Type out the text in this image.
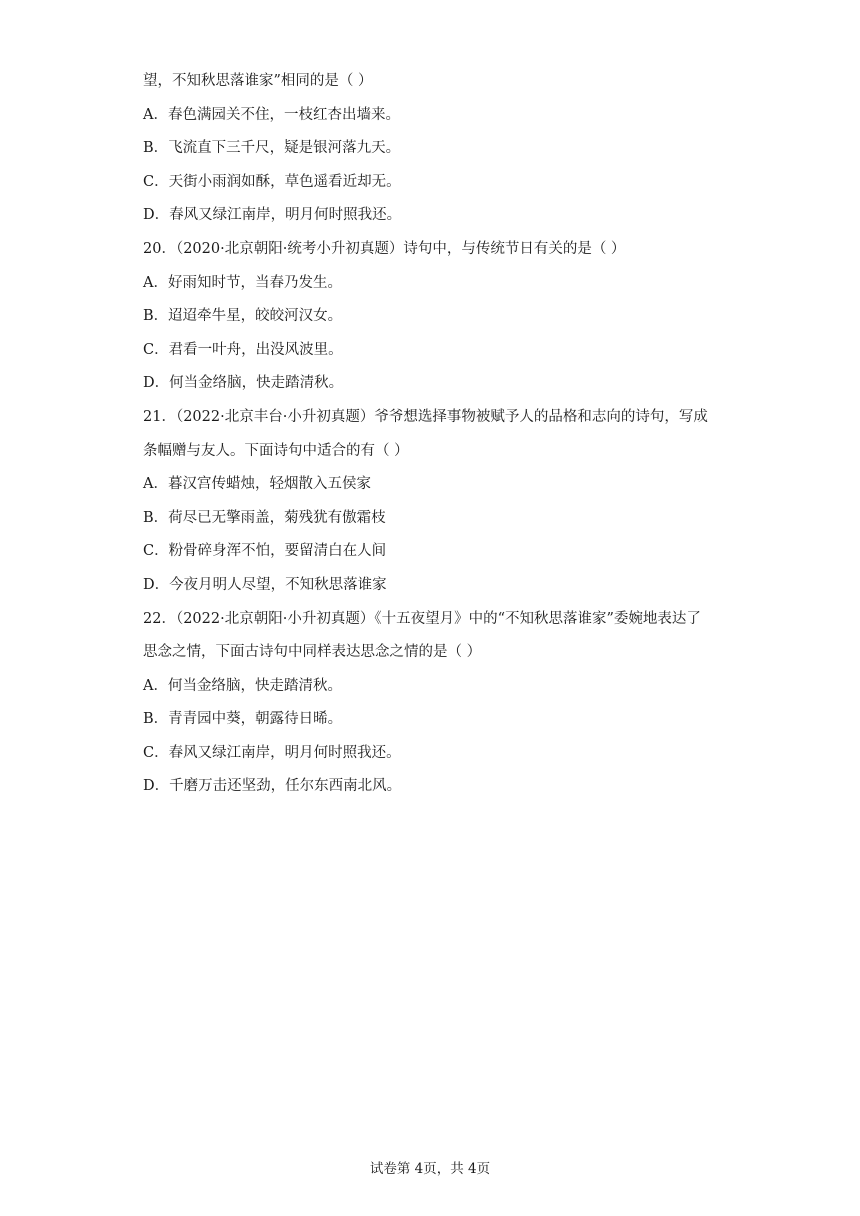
望，不知秋思落谁家”相同的是（ ）
A．春色满园关不住，一枝红杏出墙来。
B．飞流直下三千尺，疑是银河落九天。
C．天街小雨润如酥，草色遥看近却无。
D．春风又绿江南岸，明月何时照我还。
20．（2020·北京朝阳·统考小升初真题）诗句中，与传统节日有关的是（ ）
A．好雨知时节，当春乃发生。
B．迢迢牵牛星，皎皎河汉女。
C．君看一叶舟，出没风波里。
D．何当金络脑，快走踏清秋。
21．（2022·北京丰台·小升初真题）爷爷想选择事物被赋予人的品格和志向的诗句，写成
条幅赠与友人。下面诗句中适合的有（ ）
A．暮汉宫传蜡烛，轻烟散入五侯家
B．荷尽已无擎雨盖，菊残犹有傲霜枝
C．粉骨碎身浑不怕，要留清白在人间
D．今夜月明人尽望，不知秋思落谁家
22．（2022·北京朝阳·小升初真题）《十五夜望月》中的“不知秋思落谁家”委婉地表达了
思念之情，下面古诗句中同样表达思念之情的是（ ）
A．何当金络脑，快走踏清秋。
B．青青园中葵，朝露待日晞。
C．春风又绿江南岸，明月何时照我还。
D．千磨万击还坚劲，任尔东西南北风。
试卷第 4页，共 4页
